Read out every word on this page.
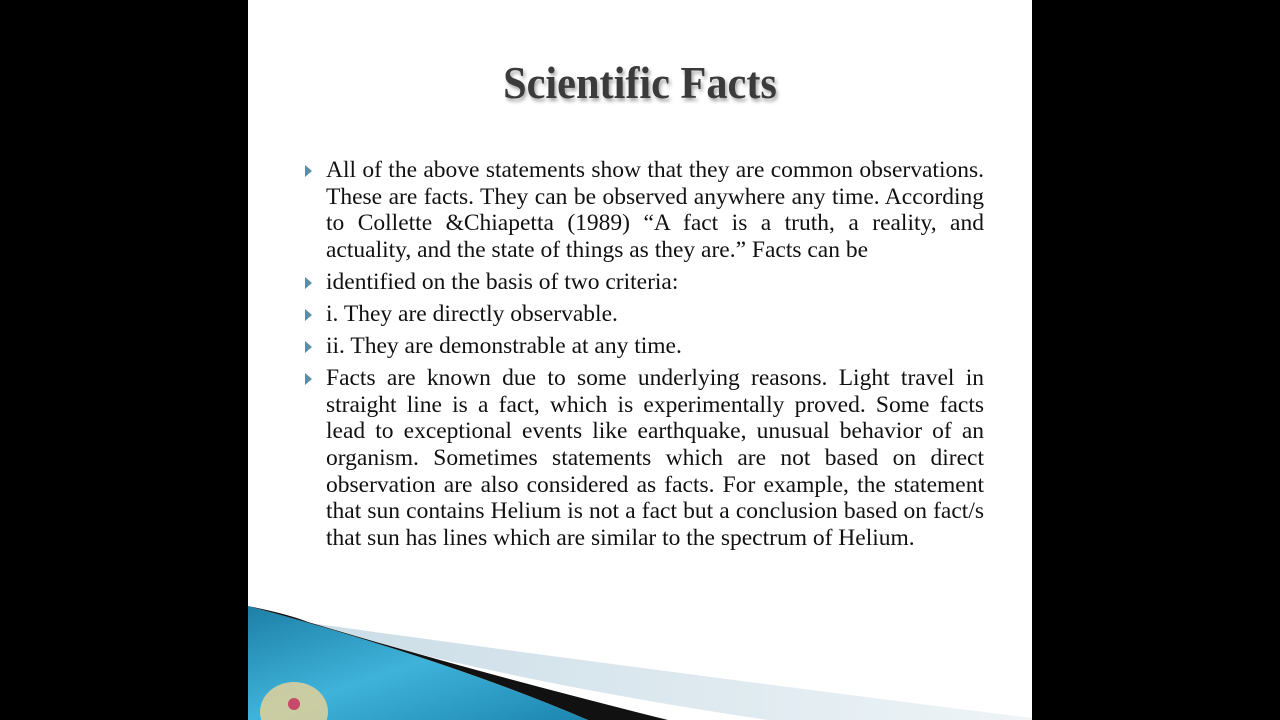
Scientific Facts
All of the above statements show that they are common observations. These are facts. They can be observed anywhere any time. According to Collette &Chiapetta (1989) “A fact is a truth, a reality, and actuality, and the state of things as they are.” Facts can be
identified on the basis of two criteria:
i. They are directly observable.
ii. They are demonstrable at any time.
Facts are known due to some underlying reasons. Light travel in straight line is a fact, which is experimentally proved. Some facts lead to exceptional events like earthquake, unusual behavior of an organism. Sometimes statements which are not based on direct observation are also considered as facts. For example, the statement that sun contains Helium is not a fact but a conclusion based on fact/s that sun has lines which are similar to the spectrum of Helium.
